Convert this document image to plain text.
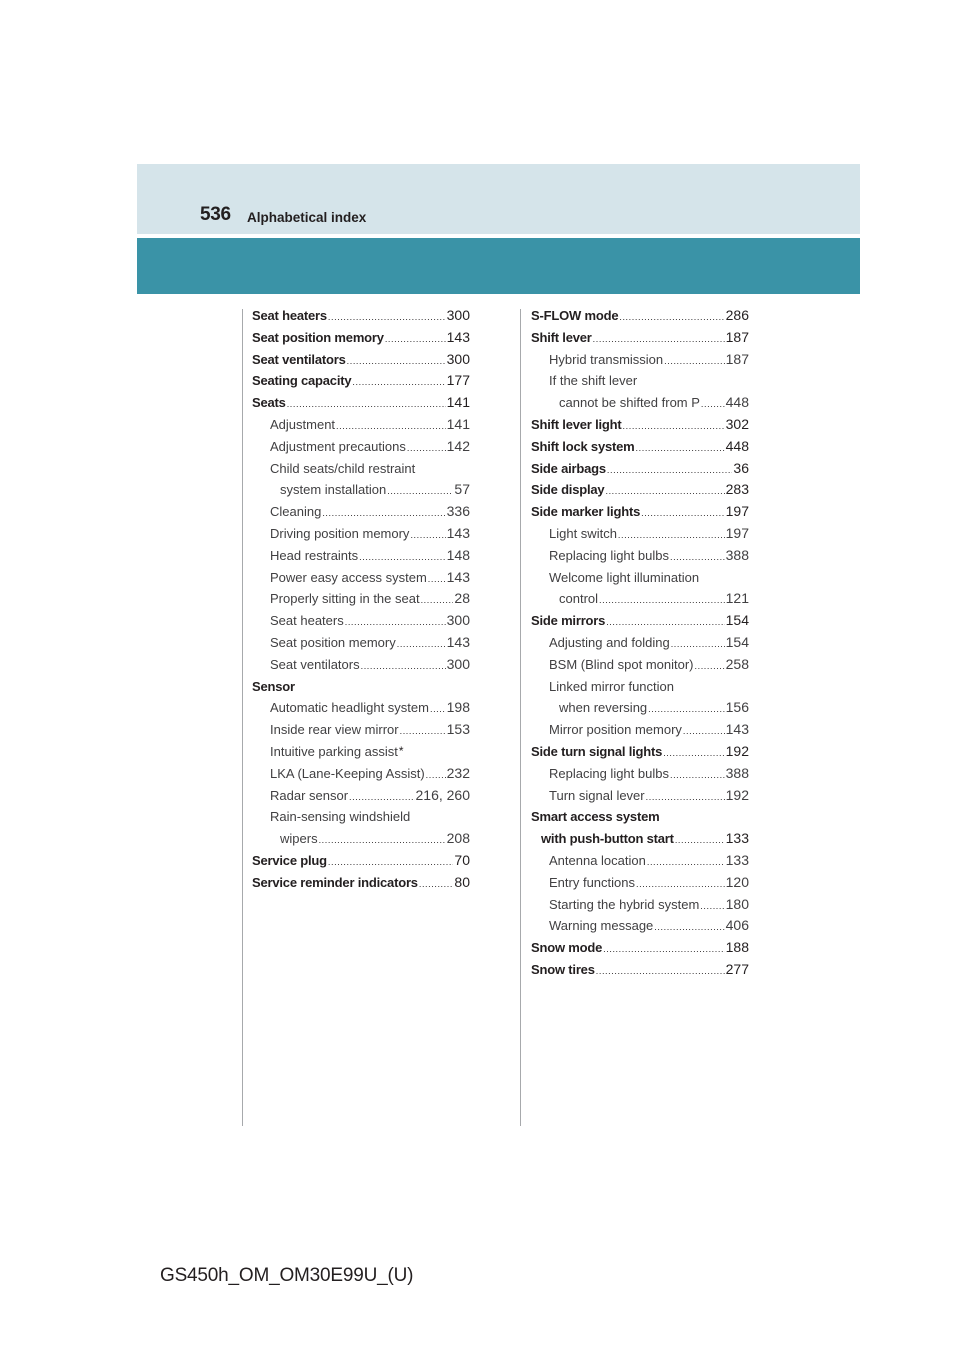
536 Alphabetical index
Seat heaters .....	300
Seat position memory .....	143
Seat ventilators .....	300
Seating capacity .....	177
Seats .....	141
Adjustment .....	141
Adjustment precautions .....	142
Child seats/child restraint
system installation .....	57
Cleaning .....	336
Driving position memory .....	143
Head restraints .....	148
Power easy access system ..... 143
Properly sitting in the seat ..... 28
Seat heaters .....	300
Seat position memory .....	143
Seat ventilators .....	300
Sensor
Automatic headlight system ..... 198
Inside rear view mirror .....	153
Intuitive parking assist*
LKA (Lane-Keeping Assist) ..... 232
Radar sensor .....	216, 260
Rain-sensing windshield
wipers .....	208
Service plug .....	70
Service reminder indicators .....	80
S-FLOW mode .....	286
Shift lever .....	187
Hybrid transmission .....	187
If the shift lever
cannot be shifted from P ..... 448
Shift lever light .....	302
Shift lock system .....	448
Side airbags .....	36
Side display .....	283
Side marker lights .....	197
Light switch .....	197
Replacing light bulbs .....	388
Welcome light illumination
control .....	121
Side mirrors .....	154
Adjusting and folding .....	154
BSM (Blind spot monitor) ..... 258
Linked mirror function
when reversing .....	156
Mirror position memory .....	143
Side turn signal lights .....	192
Replacing light bulbs .....	388
Turn signal lever .....	192
Smart access system
with push-button start .....	133
Antenna location .....	133
Entry functions .....	120
Starting the hybrid system ..... 180
Warning message .....	406
Snow mode .....	188
Snow tires .....	277
GS450h_OM_OM30E99U_(U)
